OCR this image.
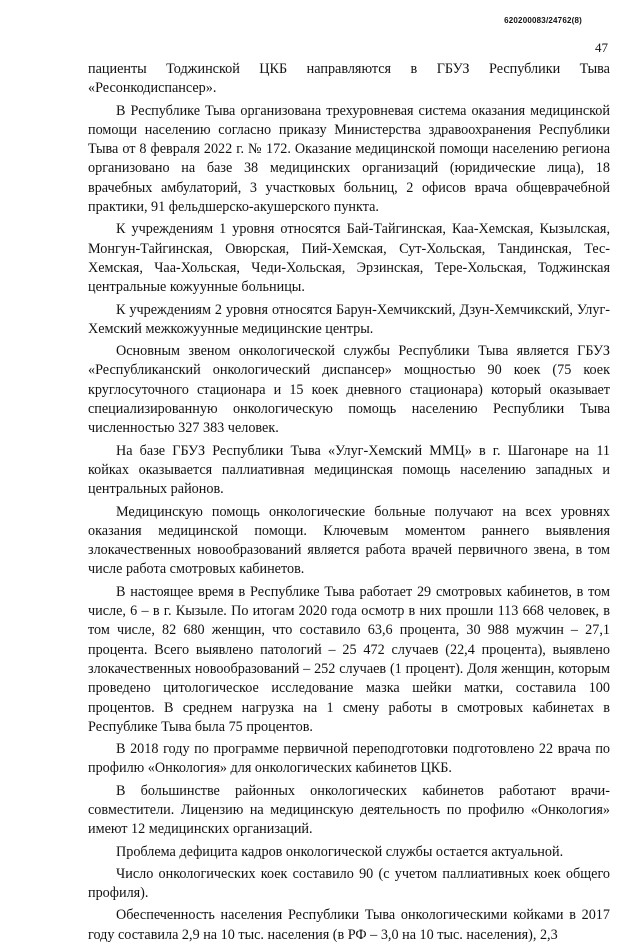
620200083/24762(8)
47

пациенты Тоджинской ЦКБ направляются в ГБУЗ Республики Тыва «Ресонкодиспансер».

В Республике Тыва организована трехуровневая система оказания медицинской помощи населению согласно приказу Министерства здравоохранения Республики Тыва от 8 февраля 2022 г. № 172. Оказание медицинской помощи населению региона организовано на базе 38 медицинских организаций (юридические лица), 18 врачебных амбулаторий, 3 участковых больниц, 2 офисов врача общеврачебной практики, 91 фельдшерско-акушерского пункта.

К учреждениям 1 уровня относятся Бай-Тайгинская, Каа-Хемская, Кызылская, Монгун-Тайгинская, Овюрская, Пий-Хемская, Сут-Хольская, Тандинская, Тес-Хемская, Чаа-Хольская, Чеди-Хольская, Эрзинская, Тере-Хольская, Тоджинская центральные кожуунные больницы.

К учреждениям 2 уровня относятся Барун-Хемчикский, Дзун-Хемчикский, Улуг-Хемский межкожуунные медицинские центры.

Основным звеном онкологической службы Республики Тыва является ГБУЗ «Республиканский онкологический диспансер» мощностью 90 коек (75 коек круглосуточного стационара и 15 коек дневного стационара) который оказывает специализированную онкологическую помощь населению Республики Тыва численностью 327 383 человек.

На базе ГБУЗ Республики Тыва «Улуг-Хемский ММЦ» в г. Шагонаре на 11 койках оказывается паллиативная медицинская помощь населению западных и центральных районов.

Медицинскую помощь онкологические больные получают на всех уровнях оказания медицинской помощи. Ключевым моментом раннего выявления злокачественных новообразований является работа врачей первичного звена, в том числе работа смотровых кабинетов.

В настоящее время в Республике Тыва работает 29 смотровых кабинетов, в том числе, 6 – в г. Кызыле. По итогам 2020 года осмотр в них прошли 113 668 человек, в том числе, 82 680 женщин, что составило 63,6 процента, 30 988 мужчин – 27,1 процента. Всего выявлено патологий – 25 472 случаев (22,4 процента), выявлено злокачественных новообразований – 252 случаев (1 процент). Доля женщин, которым проведено цитологическое исследование мазка шейки матки, составила 100 процентов. В среднем нагрузка на 1 смену работы в смотровых кабинетах в Республике Тыва была 75 процентов.

В 2018 году по программе первичной переподготовки подготовлено 22 врача по профилю «Онкология» для онкологических кабинетов ЦКБ.

В большинстве районных онкологических кабинетов работают врачи-совместители. Лицензию на медицинскую деятельность по профилю «Онкология» имеют 12 медицинских организаций.

Проблема дефицита кадров онкологической службы остается актуальной.

Число онкологических коек составило 90 (с учетом паллиативных коек общего профиля).

Обеспеченность населения Республики Тыва онкологическими койками в 2017 году составила 2,9 на 10 тыс. населения (в РФ – 3,0 на 10 тыс. населения), 2,3
